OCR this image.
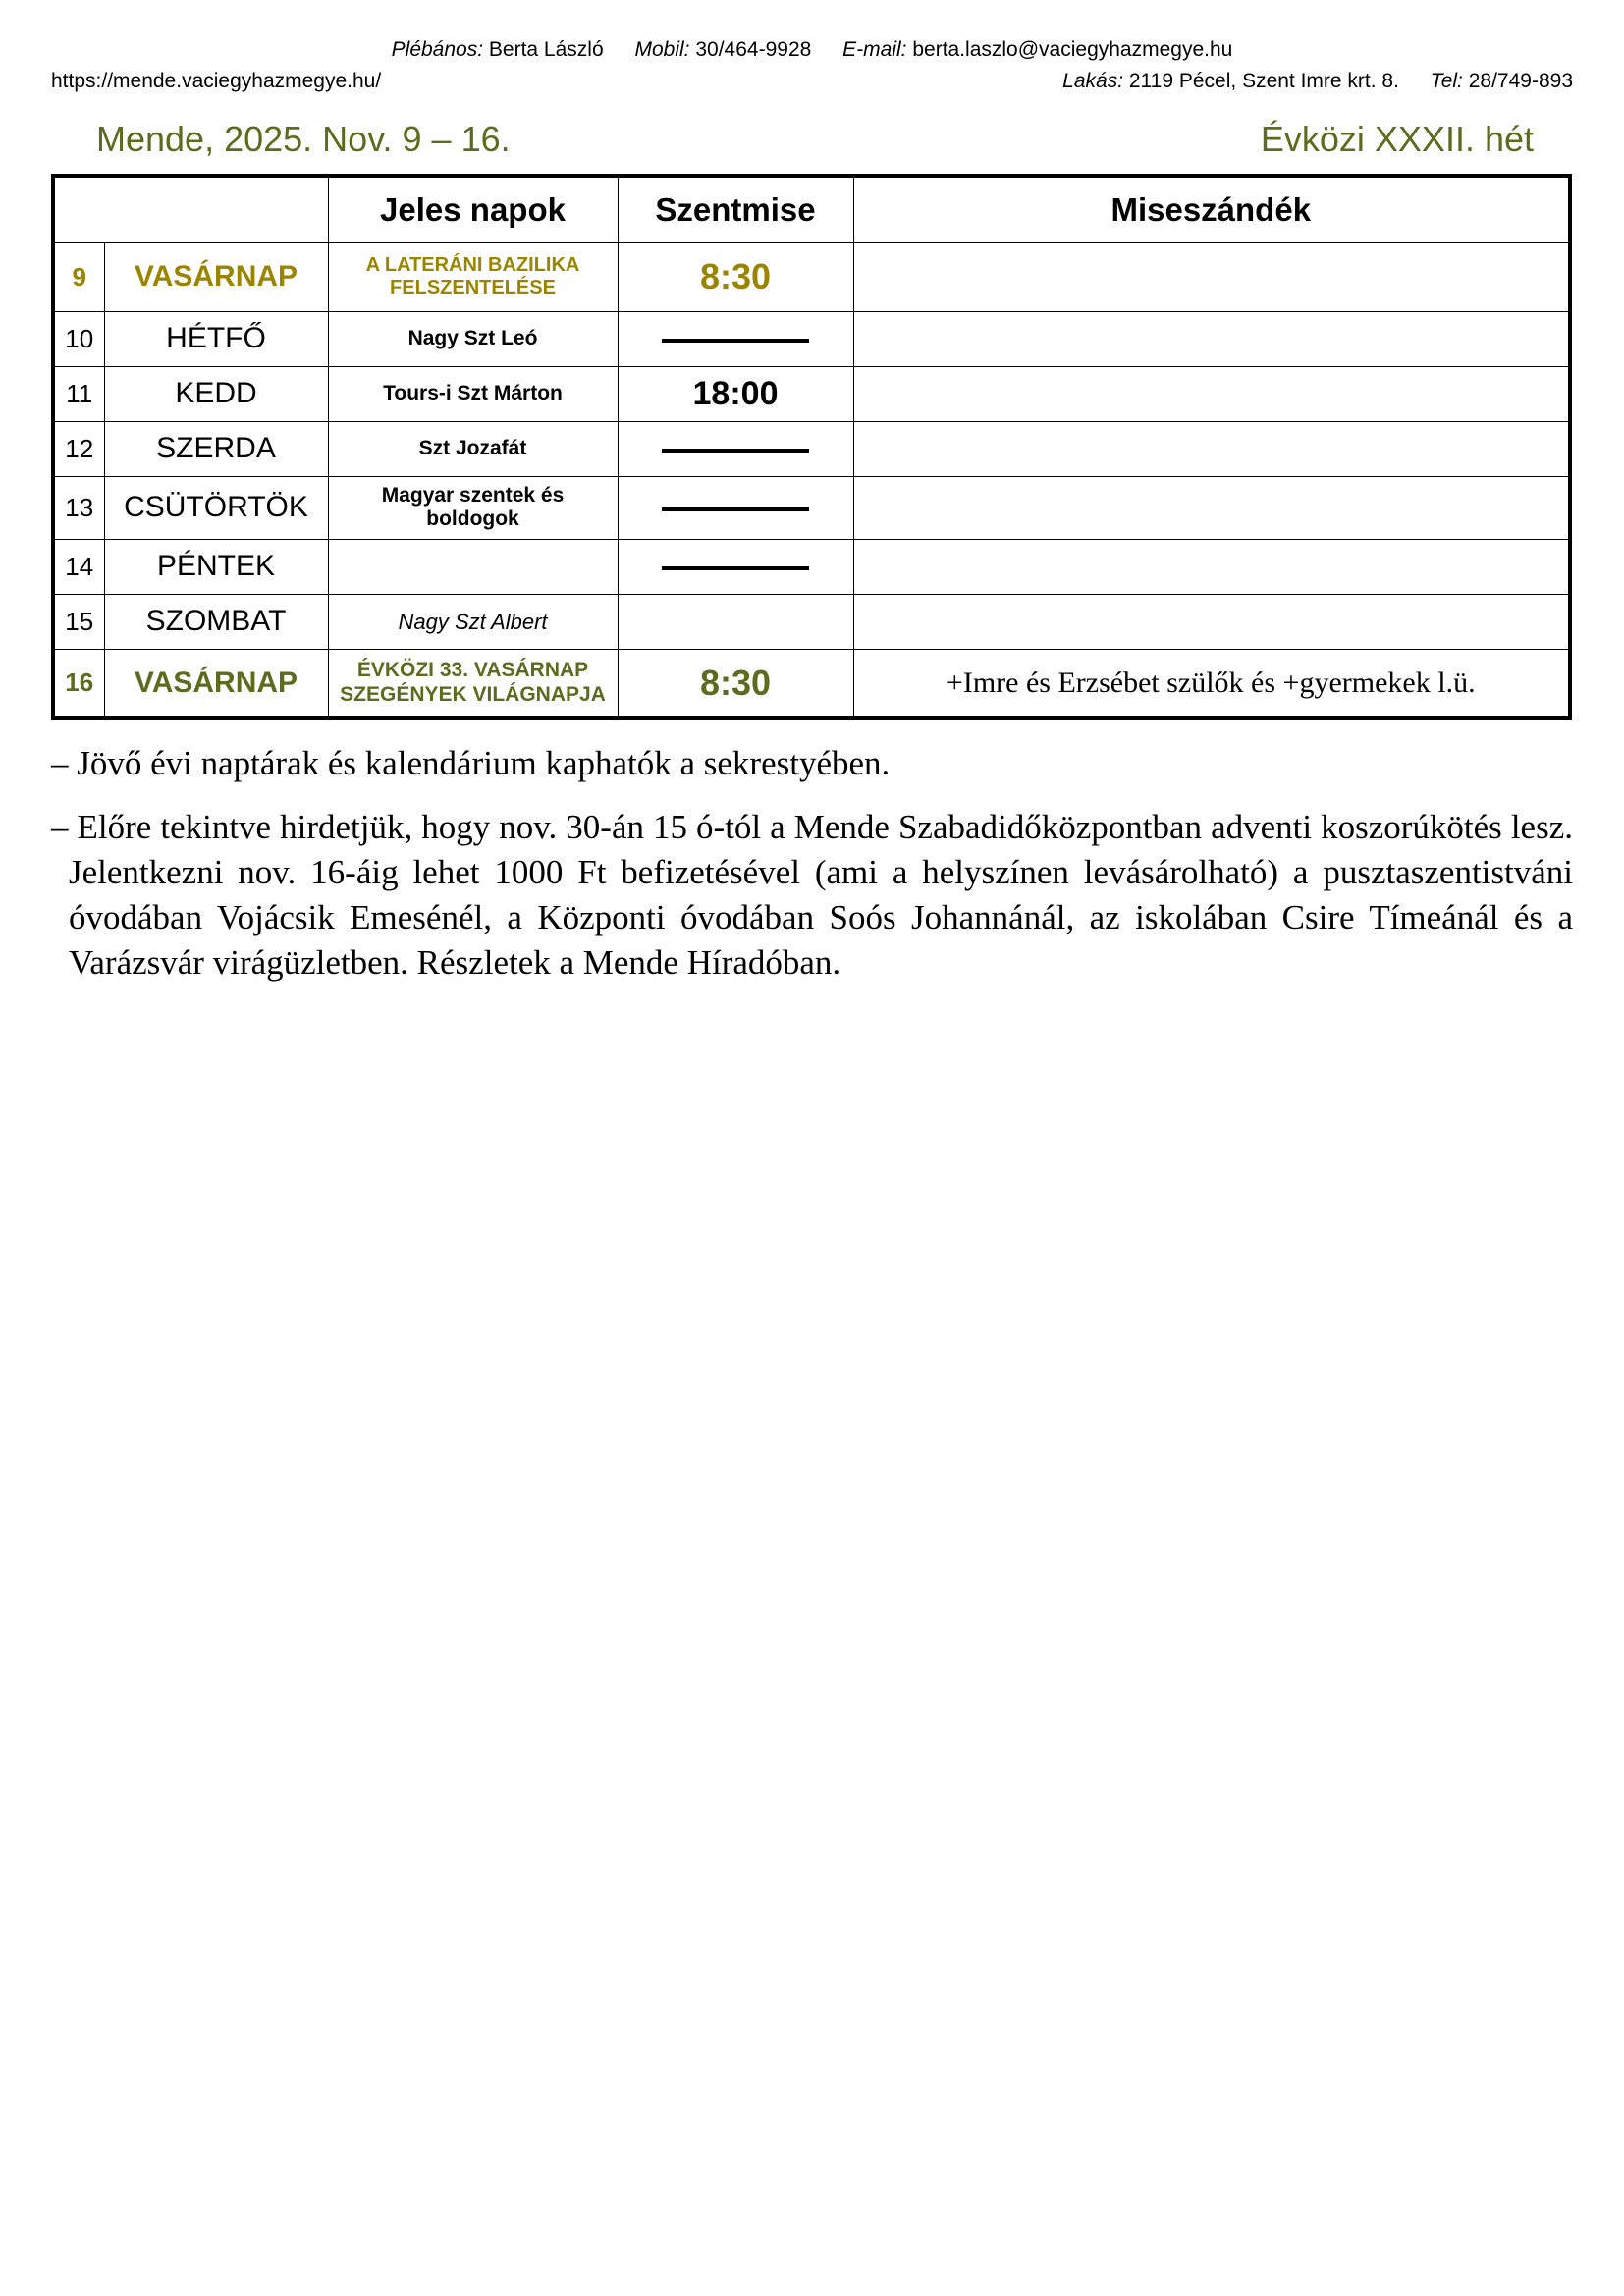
Plébános: Berta László Mobil: 30/464-9928 E-mail: berta.laszlo@vaciegyhazmegye.hu
https://mende.vaciegyhazmegye.hu/	Lakás: 2119 Pécel, Szent Imre krt. 8. Tel: 28/749-893
Mende, 2025. Nov. 9 – 16.	Évközi XXXII. hét
		Jeles napok	Szentmise	Miseszándék
9	VASÁRNAP	A LATERÁNI BAZILIKA
FELSZENTELÉSE	8:30	
10	HÉTFŐ	Nagy Szt Leó		
11	KEDD	Tours-i Szt Márton	18:00	
12	SZERDA	Szt Jozafát		
13	CSÜTÖRTÖK	Magyar szentek és
boldogok		

14	PÉNTEK			
15	SZOMBAT	Nagy Szt Albert		
16	VASÁRNAP	ÉVKÖZI 33. VASÁRNAP
SZEGÉNYEK VILÁGNAPJA	8:30	+Imre és Erzsébet szülők és +gyermekek l.ü.

– Jövő évi naptárak és kalendárium kaphatók a sekrestyében.

– Előre tekintve hirdetjük, hogy nov. 30-án 15 ó-tól a Mende Szabadidőközpontban adventi koszorúkötés lesz. Jelentkezni nov. 16-áig lehet 1000 Ft befizetésével (ami a helyszínen levásárolható) a pusztaszentistváni óvodában Vojácsik Emesénél, a Központi óvodában Soós Johannánál, az iskolában Csire Tímeánál és a Varázsvár virágüzletben. Részletek a Mende Híradóban.
